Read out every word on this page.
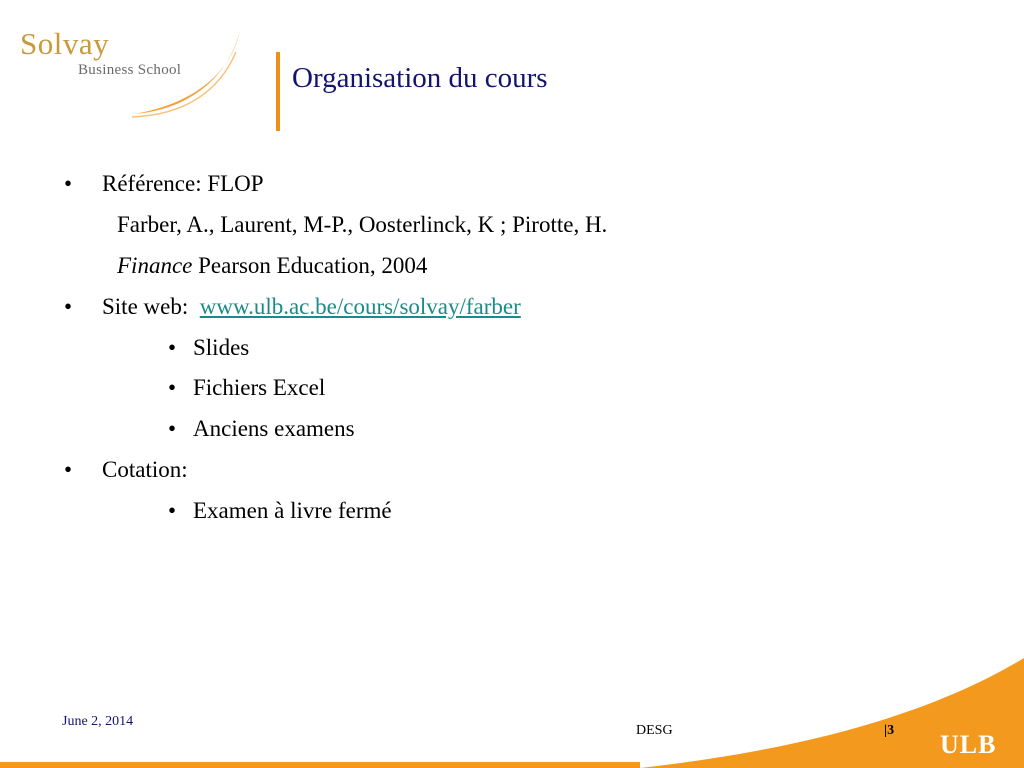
Solvay
Business School	Organisation du cours
• Référence: FLOP
Farber, A., Laurent, M-P., Oosterlinck, K ; Pirotte, H.
Finance Pearson Education, 2004
• Site web: www.ulb.ac.be/cours/solvay/farber
• Slides
• Fichiers Excel
• Anciens examens
• Cotation:
• Examen à livre fermé
June 2, 2014
DESG	|3 ULB
